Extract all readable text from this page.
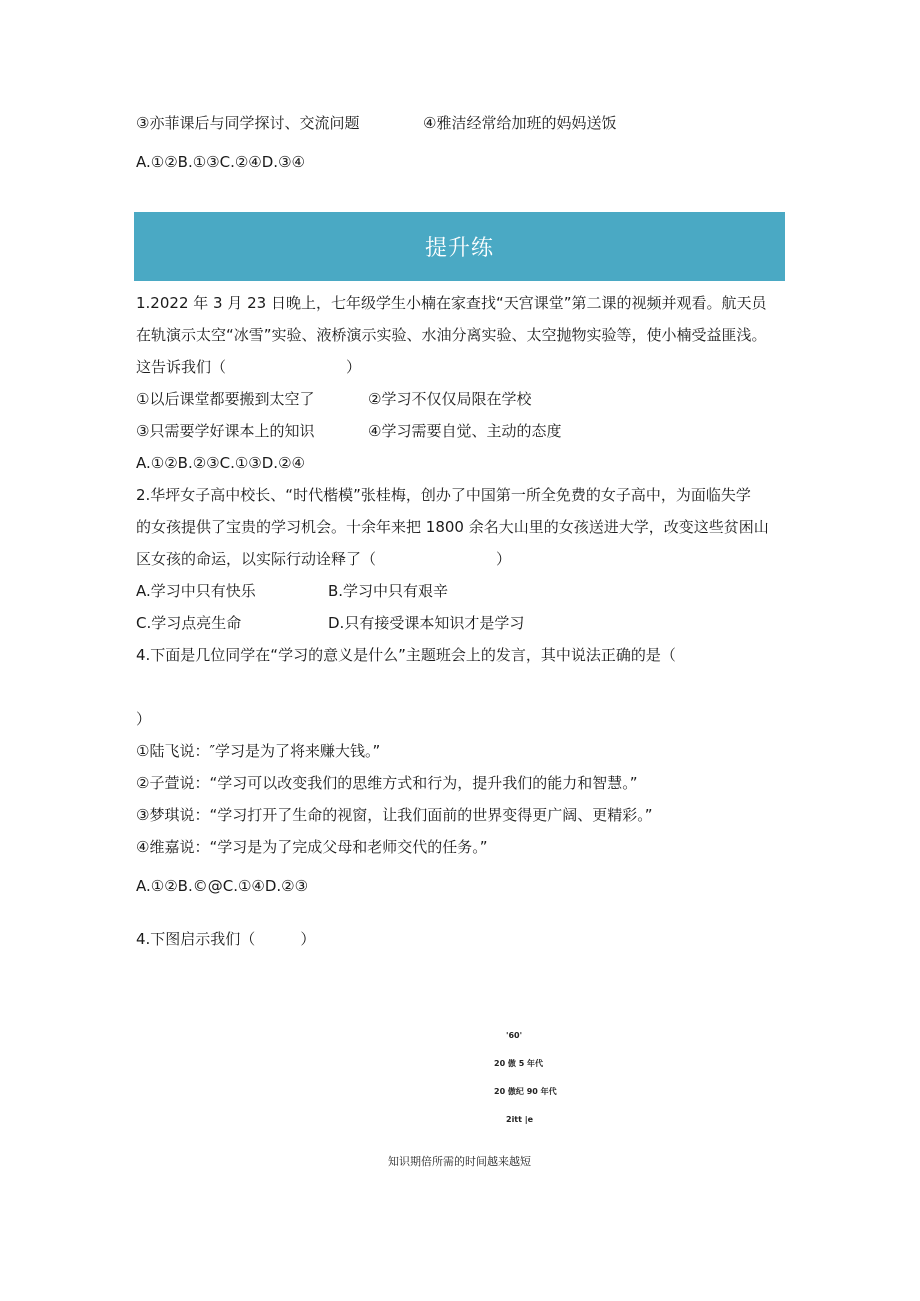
③亦菲课后与同学探讨、交流问题	④雅洁经常给加班的妈妈送饭
A.①②B.①③C.②④D.③④
提升练
1.2022 年 3 月 23 日晚上，七年级学生小楠在家查找“天宫课堂”第二课的视频并观看。航天员
在轨演示太空“冰雪”实验、液桥演示实验、水油分离实验、太空抛物实验等，使小楠受益匪浅。
这告诉我们（　　　　　　　　）
①以后课堂都要搬到太空了	②学习不仅仅局限在学校
③只需要学好课本上的知识	④学习需要自觉、主动的态度
A.①②B.②③C.①③D.②④
2.华坪女子高中校长、“时代楷模”张桂梅，创办了中国第一所全免费的女子高中，为面临失学
的女孩提供了宝贵的学习机会。十余年来把 1800 余名大山里的女孩送进大学，改变这些贫困山
区女孩的命运，以实际行动诠释了（　　　　　　　　）
A.学习中只有快乐	B.学习中只有艰辛
C.学习点亮生命	D.只有接受课本知识才是学习
4.下面是几位同学在“学习的意义是什么”主题班会上的发言，其中说法正确的是（
）
①陆飞说：″学习是为了将来赚大钱。”
②子萱说：“学习可以改变我们的思维方式和行为，提升我们的能力和智慧。”
③梦琪说：“学习打开了生命的视窗，让我们面前的世界变得更广阔、更精彩。”
④维嘉说：“学习是为了完成父母和老师交代的任务。”
A.①②B.©@C.①④D.②③
4.下图启示我们（　　　）
'60'
20 傲 5 年代
20 傲纪 90 年代
2itt |e
知识期倍所需的时间越来越短
